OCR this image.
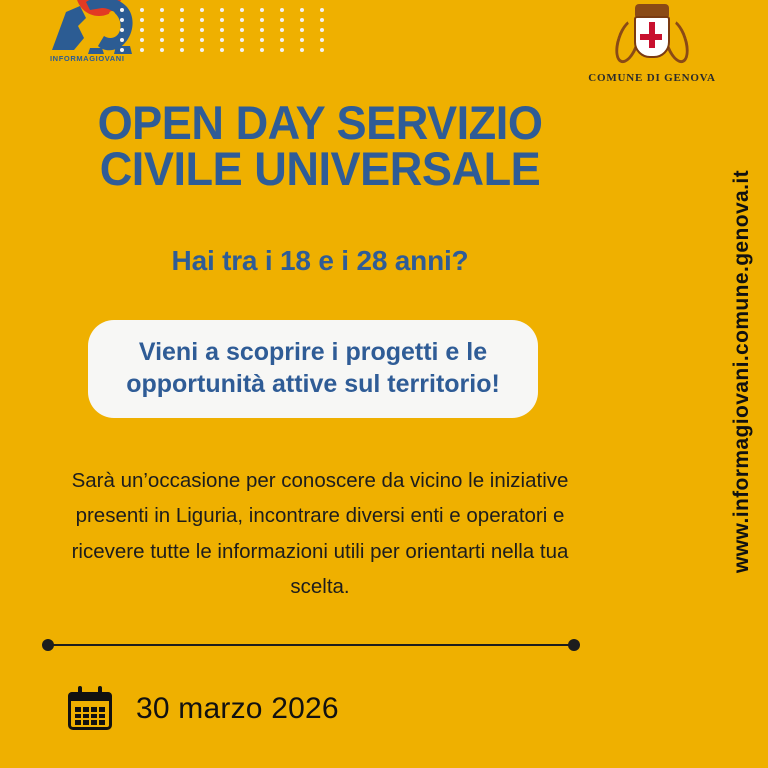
INFORMAGIOVANI
COMUNE DI GENOVA
www.informagiovani.comune.genova.it
OPEN DAY SERVIZIO
CIVILE UNIVERSALE
Hai tra i 18 e i 28 anni?
Vieni a scoprire i progetti e le
opportunità attive sul territorio!
Sarà un’occasione per conoscere da vicino le iniziative presenti in Liguria, incontrare diversi enti e operatori e ricevere tutte le informazioni utili per orientarti nella tua scelta.
30 marzo 2026
